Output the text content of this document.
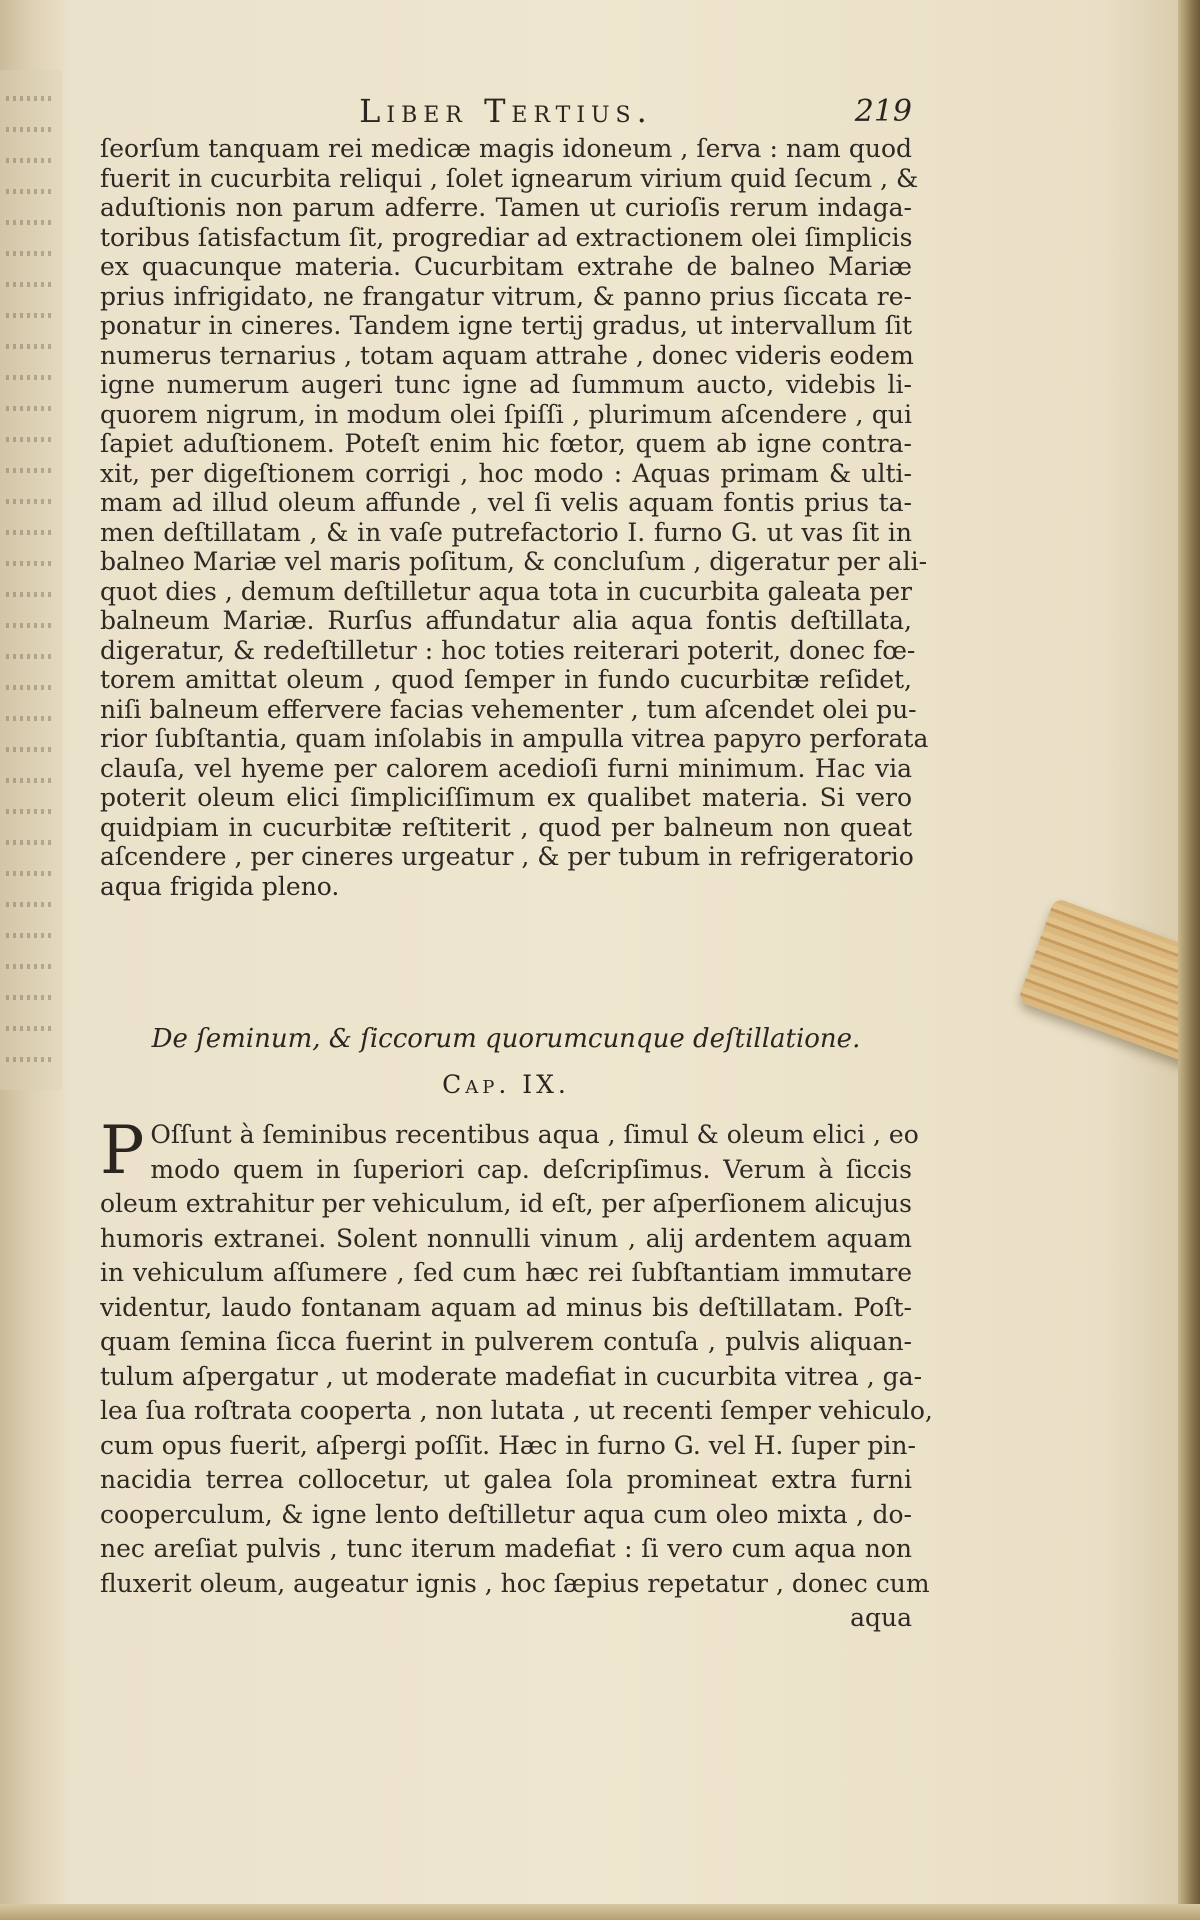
Liber Tertius.	219
ſeorſum tanquam rei medicæ magis idoneum , ſerva : nam quod
fuerit in cucurbita reliqui , ſolet ignearum virium quid ſecum , &
aduſtionis non parum adferre. Tamen ut curioſis rerum indaga-
toribus ſatisfactum ſit, progrediar ad extractionem olei ſimplicis
ex quacunque materia. Cucurbitam extrahe de balneo Mariæ
prius infrigidato, ne frangatur vitrum, & panno prius ſiccata re-
ponatur in cineres. Tandem igne tertij gradus, ut intervallum ſit
numerus ternarius , totam aquam attrahe , donec videris eodem
igne numerum augeri tunc igne ad ſummum aucto, videbis li-
quorem nigrum, in modum olei ſpiſſi , plurimum aſcendere , qui
ſapiet aduſtionem. Poteſt enim hic fœtor, quem ab igne contra-
xit, per digeſtionem corrigi , hoc modo : Aquas primam & ulti-
mam ad illud oleum affunde , vel ſi velis aquam fontis prius ta-
men deſtillatam , & in vaſe putrefactorio I. furno G. ut vas ſit in
balneo Mariæ vel maris poſitum, & concluſum , digeratur per ali-
quot dies , demum deſtilletur aqua tota in cucurbita galeata per
balneum Mariæ. Rurſus affundatur alia aqua fontis deſtillata,
digeratur, & redeſtilletur : hoc toties reiterari poterit, donec fœ-
torem amittat oleum , quod ſemper in fundo cucurbitæ reſidet,
niſi balneum effervere facias vehementer , tum aſcendet olei pu-
rior ſubſtantia, quam inſolabis in ampulla vitrea papyro perforata
clauſa, vel hyeme per calorem acedioſi furni minimum. Hac via
poterit oleum elici ſimpliciſſimum ex qualibet materia. Si vero
quidpiam in cucurbitæ reſtiterit , quod per balneum non queat
aſcendere , per cineres urgeatur , & per tubum in refrigeratorio
aqua frigida pleno.
De ſeminum, & ſiccorum quorumcunque deſtillatione.
Cap. IX.
P Oſſunt à ſeminibus recentibus aqua , ſimul & oleum elici , eo
modo quem in ſuperiori cap. deſcripſimus. Verum à ſiccis
oleum extrahitur per vehiculum, id eſt, per aſperſionem alicujus
humoris extranei. Solent nonnulli vinum , alij ardentem aquam
in vehiculum aſſumere , ſed cum hæc rei ſubſtantiam immutare
videntur, laudo fontanam aquam ad minus bis deſtillatam. Poſt-
quam ſemina ſicca fuerint in pulverem contuſa , pulvis aliquan-
tulum aſpergatur , ut moderate madefiat in cucurbita vitrea , ga-
lea ſua roſtrata cooperta , non lutata , ut recenti ſemper vehiculo,
cum opus fuerit, aſpergi poſſit. Hæc in furno G. vel H. ſuper pin-
nacidia terrea collocetur, ut galea ſola promineat extra furni
cooperculum, & igne lento deſtilletur aqua cum oleo mixta , do-
nec areſiat pulvis , tunc iterum madefiat : ſi vero cum aqua non
fluxerit oleum, augeatur ignis , hoc ſæpius repetatur , donec cum
aqua
